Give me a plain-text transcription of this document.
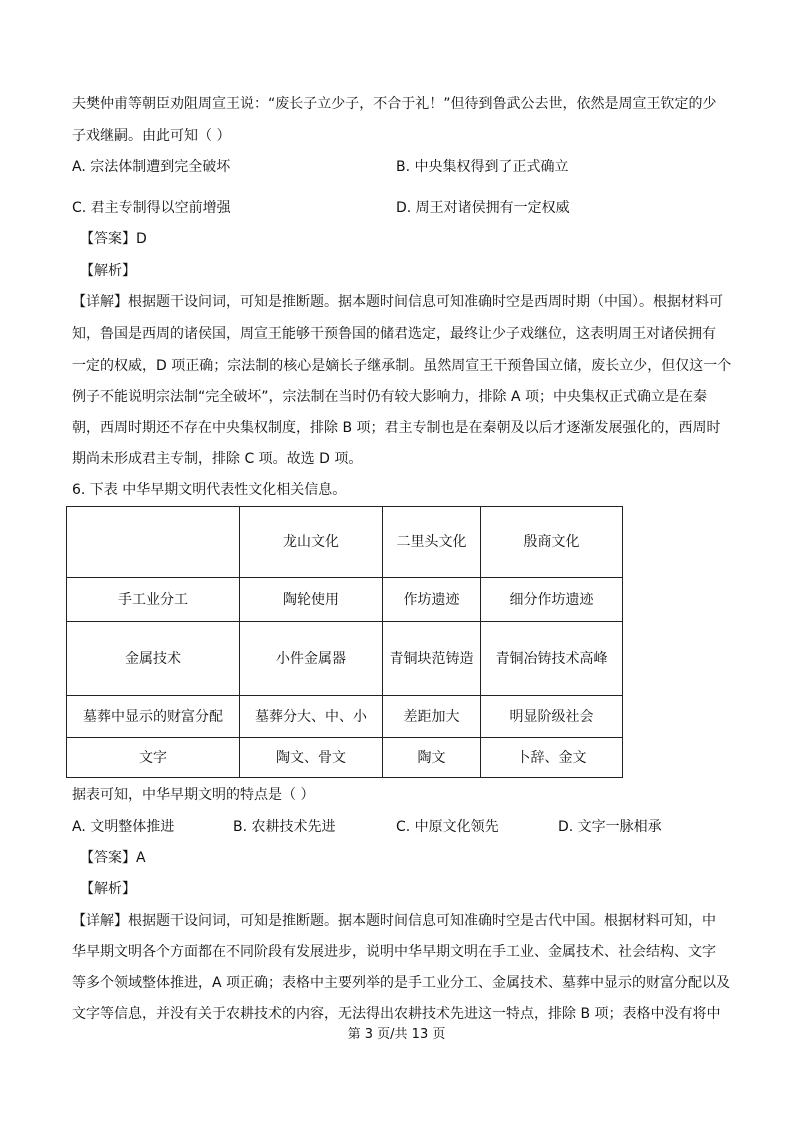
夫樊仲甫等朝臣劝阻周宣王说：“废长子立少子，不合于礼！”但待到鲁武公去世，依然是周宣王钦定的少
子戏继嗣。由此可知（ ）
A. 宗法体制遭到完全破坏	B. 中央集权得到了正式确立
C. 君主专制得以空前增强	D. 周王对诸侯拥有一定权威
【答案】D
【解析】
【详解】根据题干设问词，可知是推断题。据本题时间信息可知准确时空是西周时期（中国）。根据材料可
知，鲁国是西周的诸侯国，周宣王能够干预鲁国的储君选定，最终让少子戏继位，这表明周王对诸侯拥有
一定的权威，D 项正确；宗法制的核心是嫡长子继承制。虽然周宣王干预鲁国立储，废长立少，但仅这一个
例子不能说明宗法制“完全破坏”，宗法制在当时仍有较大影响力，排除 A 项；中央集权正式确立是在秦
朝，西周时期还不存在中央集权制度，排除 B 项；君主专制也是在秦朝及以后才逐渐发展强化的，西周时
期尚未形成君主专制，排除 C 项。故选 D 项。
6. 下表 中华早期文明代表性文化相关信息。
	龙山文化	二里头文化	殷商文化
手工业分工	陶轮使用	作坊遗迹	细分作坊遗迹
金属技术	小件金属器	青铜块范铸造	青铜冶铸技术高峰
墓葬中显示的财富分配	墓葬分大、中、小	差距加大	明显阶级社会
文字	陶文、骨文	陶文	卜辞、金文
据表可知，中华早期文明的特点是（ ）
A. 文明整体推进	B. 农耕技术先进	C. 中原文化领先	D. 文字一脉相承
【答案】A
【解析】
【详解】根据题干设问词，可知是推断题。据本题时间信息可知准确时空是古代中国。根据材料可知，中
华早期文明各个方面都在不同阶段有发展进步，说明中华早期文明在手工业、金属技术、社会结构、文字
等多个领域整体推进，A 项正确；表格中主要列举的是手工业分工、金属技术、墓葬中显示的财富分配以及
文字等信息，并没有关于农耕技术的内容，无法得出农耕技术先进这一特点，排除 B 项；表格中没有将中
第 3 页/共 13 页
